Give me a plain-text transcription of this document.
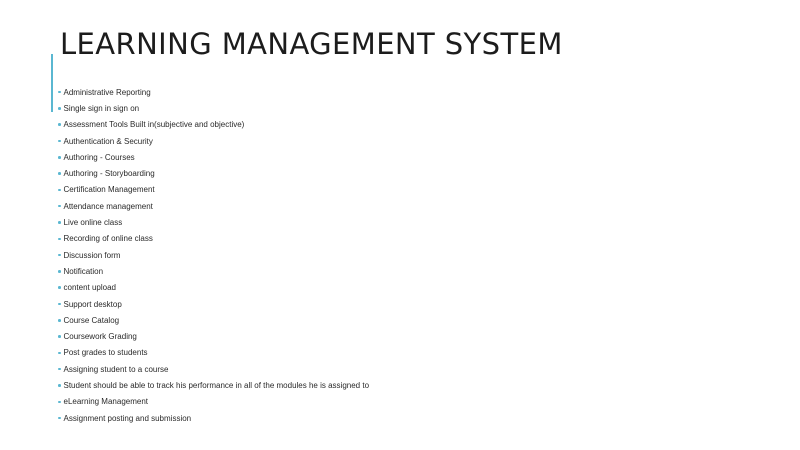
LEARNING MANAGEMENT SYSTEM
Administrative Reporting
Single sign in sign on
Assessment Tools Built in(subjective and objective)
Authentication & Security
Authoring - Courses
Authoring - Storyboarding
Certification Management
Attendance management
Live online class
Recording of online class
Discussion form
Notification
content upload
Support desktop
Course Catalog
Coursework Grading
Post grades to students
Assigning student to a course
Student should be able to track his performance in all of the modules he is assigned to
eLearning Management
Assignment posting and submission
